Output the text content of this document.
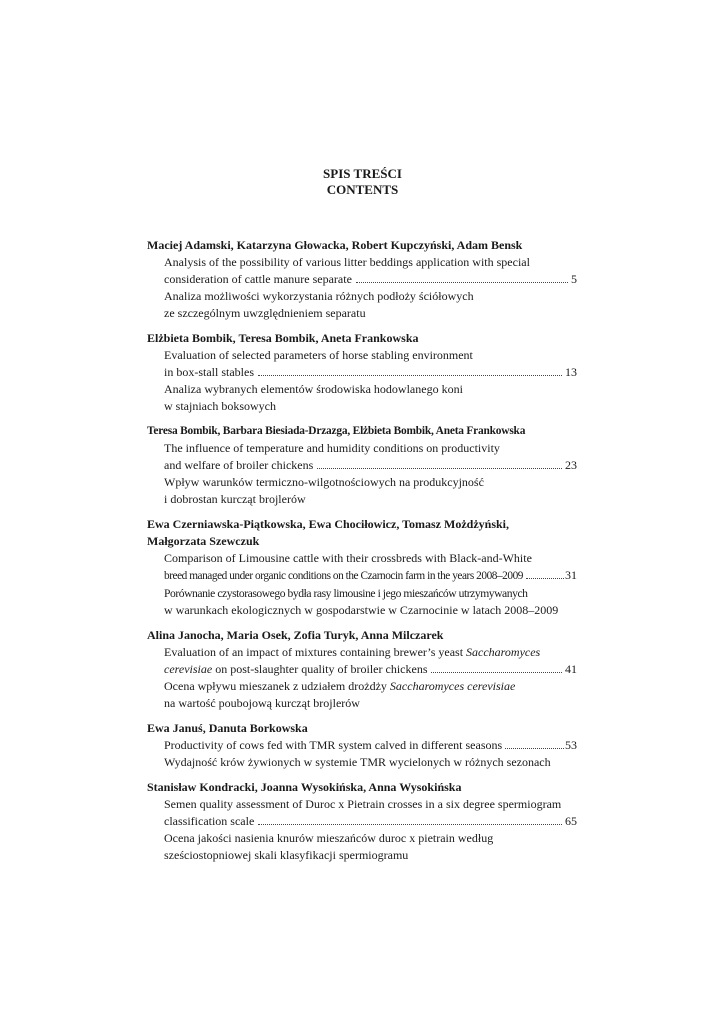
SPIS TREŚCI
CONTENTS
Maciej Adamski, Katarzyna Głowacka, Robert Kupczyński, Adam Bensk
Analysis of the possibility of various litter beddings application with special
consideration of cattle manure separate	5
Analiza możliwości wykorzystania różnych podłoży ściółowych
ze szczególnym uwzględnieniem separatu
Elżbieta Bombik, Teresa Bombik, Aneta Frankowska
Evaluation of selected parameters of horse stabling environment
in box-stall stables	13
Analiza wybranych elementów środowiska hodowlanego koni
w stajniach boksowych
Teresa Bombik, Barbara Biesiada-Drzazga, Elżbieta Bombik, Aneta Frankowska
The influence of temperature and humidity conditions on productivity
and welfare of broiler chickens	23
Wpływ warunków termiczno-wilgotnościowych na produkcyjność
i dobrostan kurcząt brojlerów
Ewa Czerniawska-Piątkowska, Ewa Chociłowicz, Tomasz Możdżyński,
Małgorzata Szewczuk
Comparison of Limousine cattle with their crossbreds with Black-and-White
breed managed under organic conditions on the Czarnocin farm in the years 2008–2009	31
Porównanie czystorasowego bydła rasy limousine i jego mieszańców utrzymywanych
w warunkach ekologicznych w gospodarstwie w Czarnocinie w latach 2008–2009
Alina Janocha, Maria Osek, Zofia Turyk, Anna Milczarek
Evaluation of an impact of mixtures containing brewer’s yeast Saccharomyces
cerevisiae on post-slaughter quality of broiler chickens	41
Ocena wpływu mieszanek z udziałem drożdży Saccharomyces cerevisiae
na wartość poubojową kurcząt brojlerów
Ewa Januś, Danuta Borkowska
Productivity of cows fed with TMR system calved in different seasons	53
Wydajność krów żywionych w systemie TMR wycielonych w różnych sezonach
Stanisław Kondracki, Joanna Wysokińska, Anna Wysokińska
Semen quality assessment of Duroc x Pietrain crosses in a six degree spermiogram
classification scale	65
Ocena jakości nasienia knurów mieszańców duroc x pietrain według
sześciostopniowej skali klasyfikacji spermiogramu
